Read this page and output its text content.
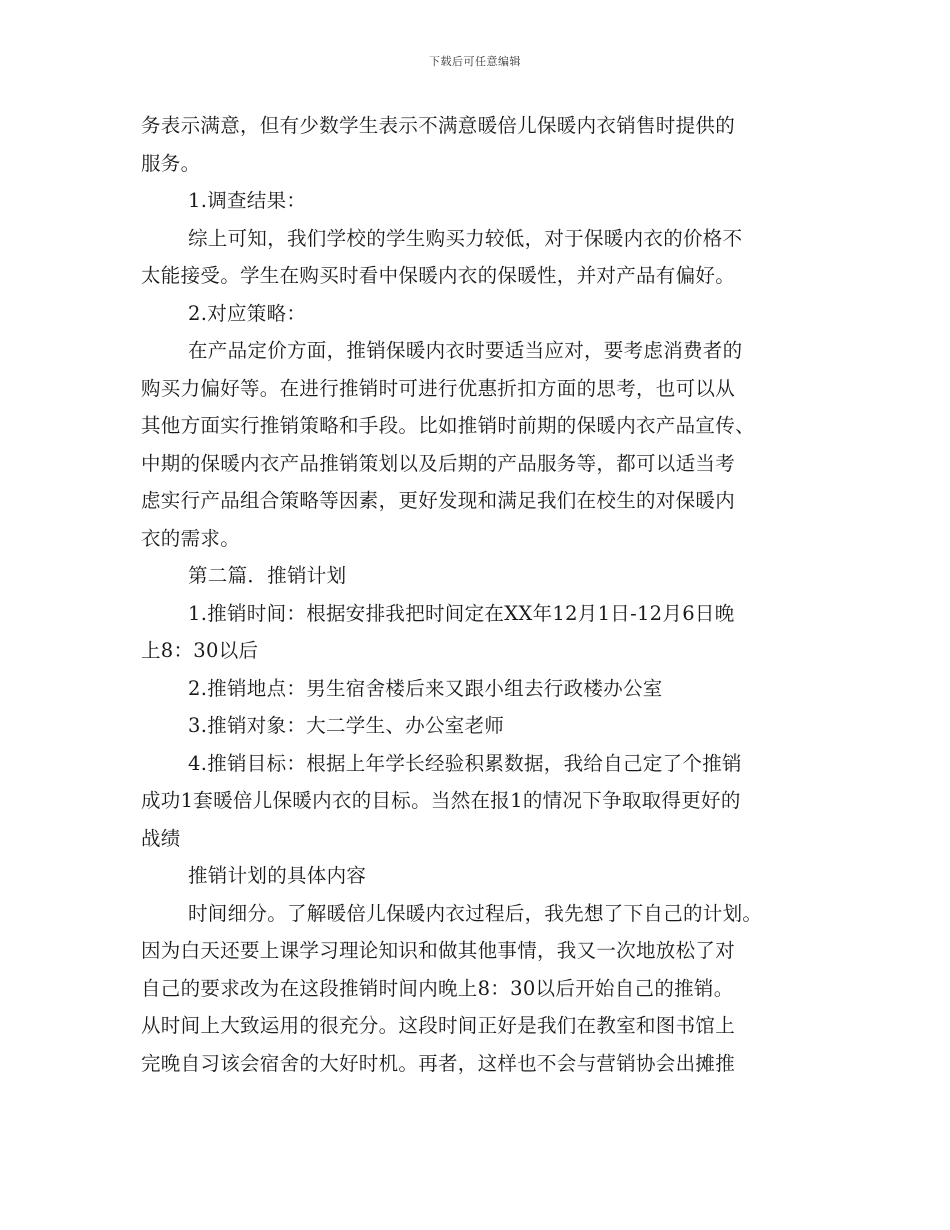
下载后可任意编辑
务表示满意，但有少数学生表示不满意暖倍儿保暖内衣销售时提供的
服务。
1.调查结果：
综上可知，我们学校的学生购买力较低，对于保暖内衣的价格不
太能接受。学生在购买时看中保暖内衣的保暖性，并对产品有偏好。
2.对应策略：
在产品定价方面，推销保暖内衣时要适当应对，要考虑消费者的
购买力偏好等。在进行推销时可进行优惠折扣方面的思考，也可以从
其他方面实行推销策略和手段。比如推销时前期的保暖内衣产品宣传、
中期的保暖内衣产品推销策划以及后期的产品服务等，都可以适当考
虑实行产品组合策略等因素，更好发现和满足我们在校生的对保暖内
衣的需求。
第二篇．推销计划
1.推销时间：根据安排我把时间定在XX年12月1日-12月6日晚
上8：30以后
2.推销地点：男生宿舍楼后来又跟小组去行政楼办公室
3.推销对象：大二学生、办公室老师
4.推销目标：根据上年学长经验积累数据，我给自己定了个推销
成功1套暖倍儿保暖内衣的目标。当然在报1的情况下争取取得更好的
战绩
推销计划的具体内容
时间细分。了解暖倍儿保暖内衣过程后，我先想了下自己的计划。
因为白天还要上课学习理论知识和做其他事情，我又一次地放松了对
自己的要求改为在这段推销时间内晚上8：30以后开始自己的推销。
从时间上大致运用的很充分。这段时间正好是我们在教室和图书馆上
完晚自习该会宿舍的大好时机。再者，这样也不会与营销协会出摊推
